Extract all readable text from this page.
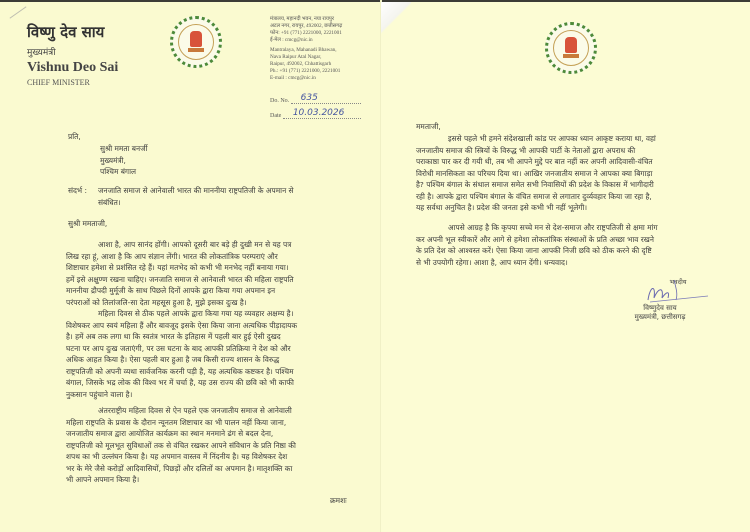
विष्णु देव साय
मुख्यमंत्री
Vishnu Deo Sai
CHIEF MINISTER

मंत्रालय, महानदी भवन, नया रायपुर

अटल नगर, रायपुर, 492002, छत्तीसगढ़

फोन: +91 (771) 2221000, 2221001

ई-मेल : cmcg@nic.in

Mantralaya, Mahanadi Bhawan,

Nava Raipur Atal Nagar,

Raipur, 492002, Chhattisgarh

Ph.: +91 (771) 2221000, 2221001

E-mail : cmcg@nic.in

Do. No. 635
Date 10.03.2026
प्रति,
सुश्री ममता बनर्जी
मुख्यमंत्री,
पश्चिम बंगाल
संदर्भ : जनजाति समाज से आनेवाली भारत की माननीया राष्ट्रपतिजी के अपमान से
संबंधित।
सुश्री ममताजी,
आशा है, आप सानंद होंगी। आपको दूसरी बार बड़े ही दुखी मन से यह पत्र
लिख रहा हूं, आशा है कि आप संज्ञान लेंगी। भारत की लोकतांत्रिक परम्पराएं और
शिष्टाचार हमेशा से प्रशंसित रहे हैं। यहां मतभेद को कभी भी मनभेद नहीं बनाया गया।
हमें इसे अक्षुण्ण रखना चाहिए। जनजाति समाज से आनेवाली भारत की महिला राष्ट्रपति
माननीया द्रौपदी मुर्मूजी के साथ पिछले दिनों आपके द्वारा किया गया अपमान इन
परंपराओं को तिलांजलि-सा देता महसूस हुआ है, मुझे इसका दुःख है।
महिला दिवस से ठीक पहले आपके द्वारा किया गया यह व्यवहार अक्षम्य है।
विशेषकर आप स्वयं महिला हैं और बावजूद इसके ऐसा किया जाना अत्यधिक पीड़ादायक
है। हमें अब तक लगा था कि स्वतंत्र भारत के इतिहास में पहली बार हुई ऐसी दुखद
घटना पर आप दुःख जताएंगी, पर उस घटना के बाद आपकी प्रतिक्रिया ने देश को और
अधिक आहत किया है। ऐसा पहली बार हुआ है जब किसी राज्य शासन के विरुद्ध
राष्ट्रपतिजी को अपनी व्यथा सार्वजनिक करनी पड़ी है, यह अत्यधिक कष्टकर है। पश्चिम
बंगाल, जिसके भद्र लोक की विश्व भर में चर्चा है, यह उस राज्य की छवि को भी काफी
नुकसान पहुंचाने वाला है।
अंतरराष्ट्रीय महिला दिवस से ऐन पहले एक जनजातीय समाज से आनेवाली
महिला राष्ट्रपति के प्रवास के दौरान न्यूनतम शिष्टाचार का भी पालन नहीं किया जाना,
जनजातीय समाज द्वारा आयोजित कार्यक्रम का स्थान मनमाने ढंग से बदल देना,
राष्ट्रपतिजी को मूलभूत सुविधाओं तक से वंचित रखकर आपने संविधान के प्रति निष्ठा की
शपथ का भी उल्लंघन किया है। यह अपमान वास्तव में निंदनीय है। यह विशेषकर देश
भर के मेरे जैसे करोड़ों आदिवासियों, पिछड़ों और दलितों का अपमान है। मातृशक्ति का
भी आपने अपमान किया है।
क्रमशः
ममताजी,
इससे पहले भी हमने संदेशखाली कांड पर आपका ध्यान आकृष्ट कराया था, वहां
जनजातीय समाज की स्त्रियों के विरुद्ध भी आपकी पार्टी के नेताओं द्वारा अपराध की
पराकाष्ठा पार कर दी गयी थी, तब भी आपने मुद्दे पर बात नहीं कर अपनी आदिवासी-वंचित
विरोधी मानसिकता का परिचय दिया था। आखिर जनजातीय समाज ने आपका क्या बिगाड़ा
है? पश्चिम बंगाल के संथाल समाज समेत सभी निवासियों की प्रदेश के विकास में भागीदारी
रही है। आपके द्वारा पश्चिम बंगाल के वंचित समाज से लगातार दुर्व्यवहार किया जा रहा है,
यह सर्वथा अनुचित है। प्रदेश की जनता इसे कभी भी नहीं भूलेगी।
आपसे आग्रह है कि कृपया सच्चे मन से देश-समाज और राष्ट्रपतिजी से क्षमा मांग
कर अपनी भूल स्वीकारें और आगे से हमेशा लोकतांत्रिक संस्थाओं के प्रति अच्छा भाव रखने
के प्रति देश को आश्वस्त करें। ऐसा किया जाना आपकी निजी छवि को ठीक करने की दृष्टि
से भी उपयोगी रहेगा। आशा है, आप ध्यान देंगी। धन्यवाद।
भवदीय
विष्णुदेव साय
मुख्यमंत्री, छत्तीसगढ़
